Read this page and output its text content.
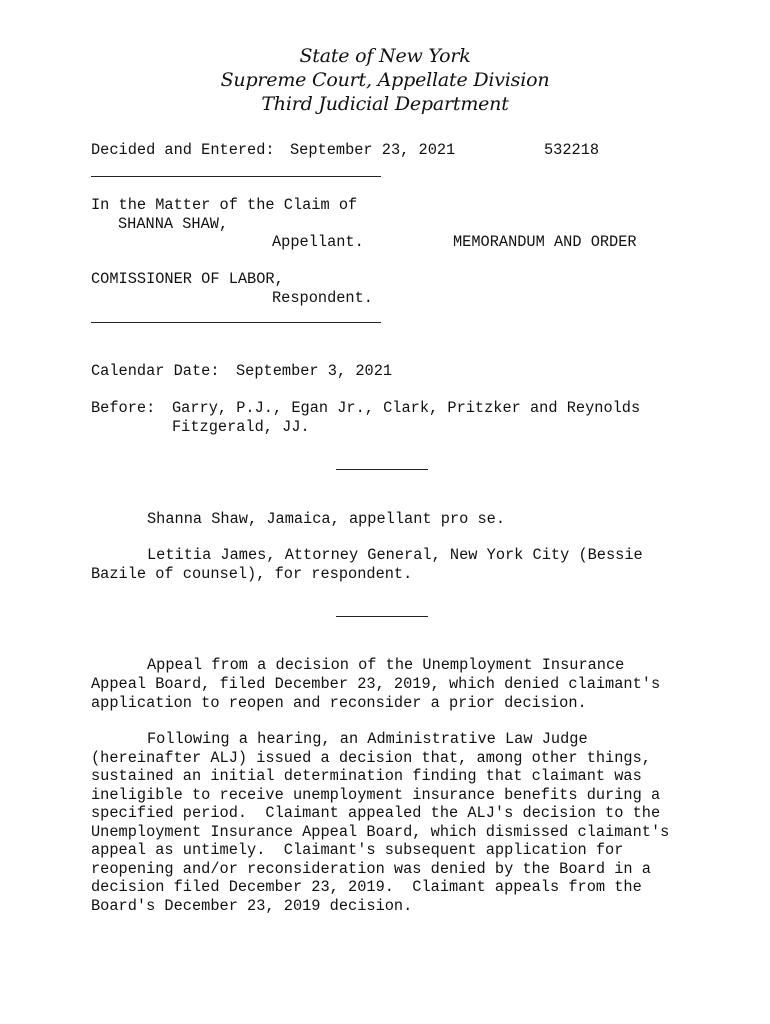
State of New York
Supreme Court, Appellate Division
Third Judicial Department
Decided and Entered: September 23, 2021	532218
In the Matter of the Claim of
SHANNA SHAW,
Appellant.	MEMORANDUM AND ORDER
COMISSIONER OF LABOR,
Respondent.
Calendar Date: September 3, 2021
Before: Garry, P.J., Egan Jr., Clark, Pritzker and Reynolds
Fitzgerald, JJ.
Shanna Shaw, Jamaica, appellant pro se.
Letitia James, Attorney General, New York City (Bessie
Bazile of counsel), for respondent.
Appeal from a decision of the Unemployment Insurance
Appeal Board, filed December 23, 2019, which denied claimant's
application to reopen and reconsider a prior decision.
Following a hearing, an Administrative Law Judge
(hereinafter ALJ) issued a decision that, among other things,
sustained an initial determination finding that claimant was
ineligible to receive unemployment insurance benefits during a
specified period.  Claimant appealed the ALJ's decision to the
Unemployment Insurance Appeal Board, which dismissed claimant's
appeal as untimely.  Claimant's subsequent application for
reopening and/or reconsideration was denied by the Board in a
decision filed December 23, 2019.  Claimant appeals from the
Board's December 23, 2019 decision.
